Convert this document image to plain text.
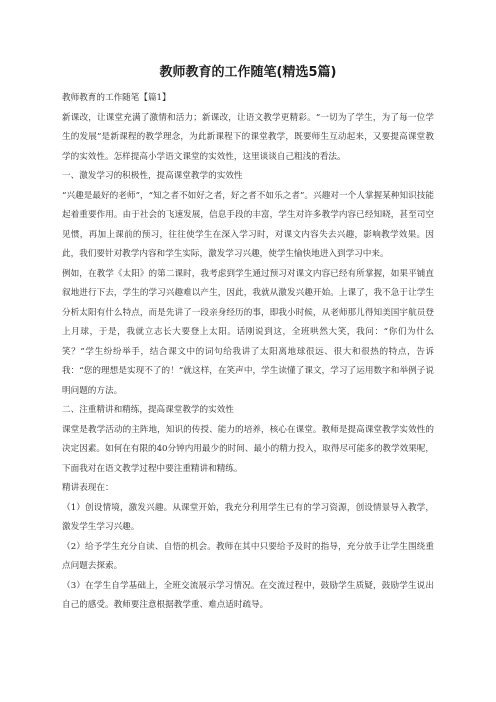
教师教育的工作随笔(精选5篇)

教师教育的工作随笔【篇1】

新课改，让课堂充满了激情和活力；新课改，让语文教学更精彩。“一切为了学生，为了每一位学生的发展”是新课程的教学理念，为此新课程下的课堂教学，既要师生互动起来，又要提高课堂教学的实效性。怎样提高小学语文课堂的实效性，这里谈谈自己粗浅的看法。

一、激发学习的积极性，提高课堂教学的实效性

“兴趣是最好的老师”，“知之者不如好之者，好之者不如乐之者”。兴趣对一个人掌握某种知识技能起着重要作用。由于社会的飞速发展，信息手段的丰富，学生对许多教学内容已经知晓，甚至司空见惯，再加上课前的预习，往往使学生在深入学习时，对课文内容失去兴趣，影响教学效果。因此，我们要针对教学内容和学生实际，激发学习兴趣，使学生愉快地进入到学习中来。

例如，在教学《太阳》的第二课时，我考虑到学生通过预习对课文内容已经有所掌握，如果平铺直叙地进行下去，学生的学习兴趣难以产生，因此，我就从激发兴趣开始。上课了，我不急于让学生分析太阳有什么特点，而是先讲了一段亲身经历的事，即我小时候，从老师那儿得知美国宇航员登上月球，于是，我就立志长大要登上太阳。话刚说到这，全班哄然大笑，我问：“你们为什么笑？”学生纷纷举手，结合课文中的词句给我讲了太阳离地球很远、很大和很热的特点，告诉我：“您的理想是实现不了的！”就这样，在笑声中，学生读懂了课文，学习了运用数字和举例子说明问题的方法。

二、注重精讲和精练，提高课堂教学的实效性

课堂是教学活动的主阵地，知识的传授、能力的培养，核心在课堂。教师是提高课堂教学实效性的决定因素。如何在有限的40分钟内用最少的时间、最小的精力投入，取得尽可能多的教学效果呢，下面我对在语文教学过程中要注重精讲和精练。

精讲表现在：

（1）创设情境，激发兴趣。从课堂开始，我充分利用学生已有的学习资源，创设情景导入教学，激发学生学习兴趣。

（2）给予学生充分自读、自悟的机会。教师在其中只要给予及时的指导，充分放手让学生围绕重点问题去探索。

（3）在学生自学基础上，全班交流展示学习情况。在交流过程中，鼓励学生质疑，鼓励学生说出自己的感受。教师要注意根据教学重、难点适时疏导。
